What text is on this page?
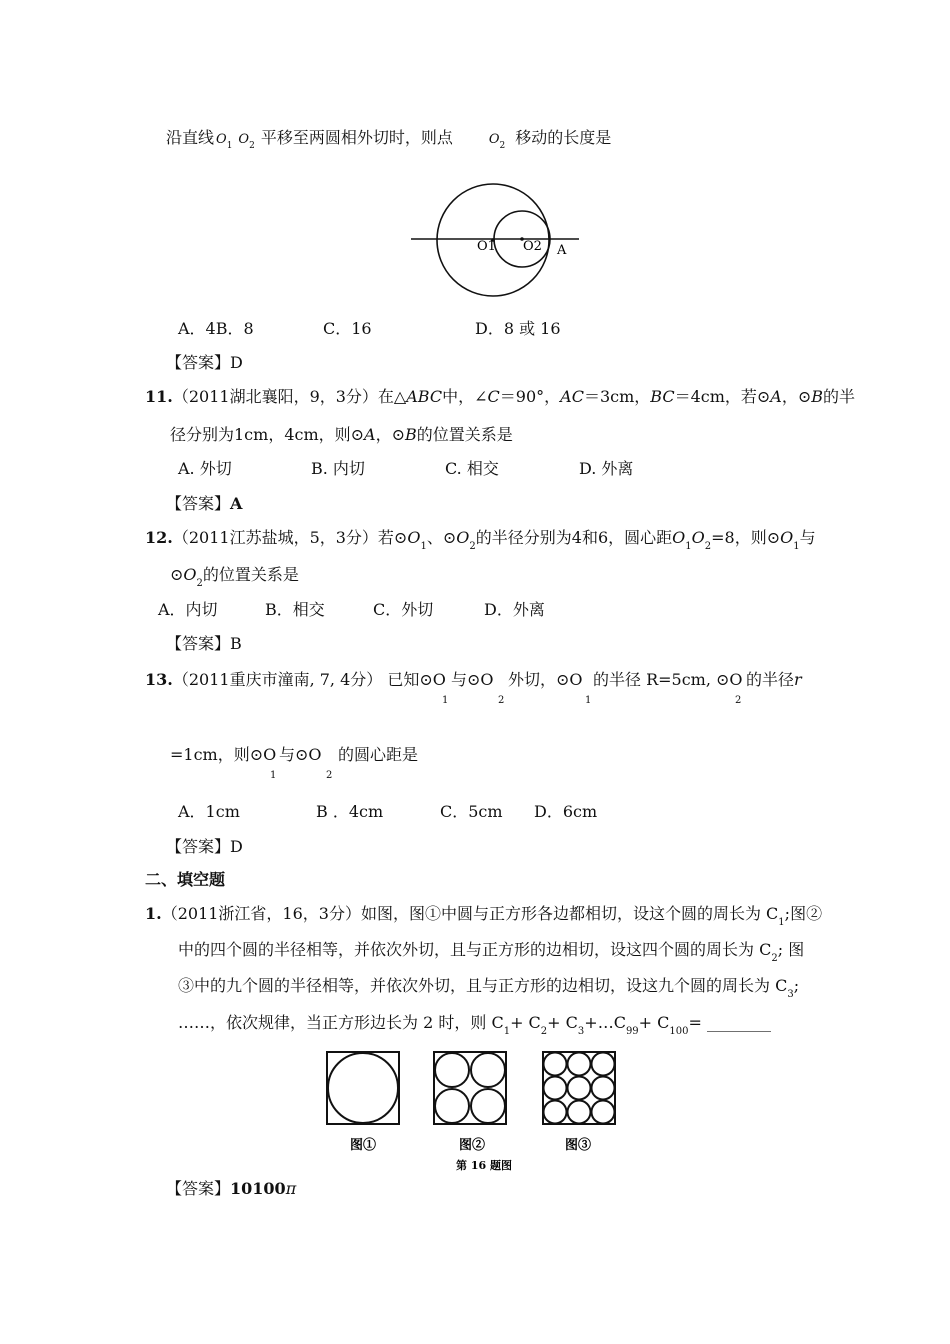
沿直线 $O_1$ $O_2$ 平移至两圆相外切时，则点	$O_2$ 移动的长度是
O1 O2 A
A．4B．8	C．16	D．8 或 16
【答案】D
11.（2011湖北襄阳，9，3分）在△ABC中，∠C＝90°，AC＝3cm，BC＝4cm，若⊙A，⊙B的半
径分别为1cm，4cm，则⊙A，⊙B的位置关系是
A. 外切	B. 内切	C. 相交	D. 外离
【答案】A
12.（2011江苏盐城，5，3分）若$⊙O_1$、$⊙O_2$的半径分别为4和6，圆心距$O_1O_2=8$，则$⊙O_1$与
$⊙O_2$的位置关系是
A．内切	B．相交	C．外切	D．外离
【答案】B
13.（2011重庆市潼南, 7, 4分） 已知⊙O
1
与⊙O
2
外切，⊙O
1
的半径 R=5cm, ⊙O
2
的半径r
=1cm，则⊙O
1
与⊙O
2
的圆心距是
A．1cm	B ．4cm	C．5cm D．6cm
【答案】D
二、填空题
1.（2011浙江省，16，3分）如图，图①中圆与正方形各边都相切，设这个圆的周长为 $C_1$;图②
中的四个圆的半径相等，并依次外切，且与正方形的边相切，设这四个圆的周长为 $C_2$; 图
③中的九个圆的半径相等，并依次外切，且与正方形的边相切，设这九个圆的周长为 $C_3$;
……，依次规律，当正方形边长为 2 时，则 $C_1+ C_2+$ $C_3+\dots C_{99}+ C_{100}=$ ________
图①	图②	图③
第 16 题图
【答案】10100π
